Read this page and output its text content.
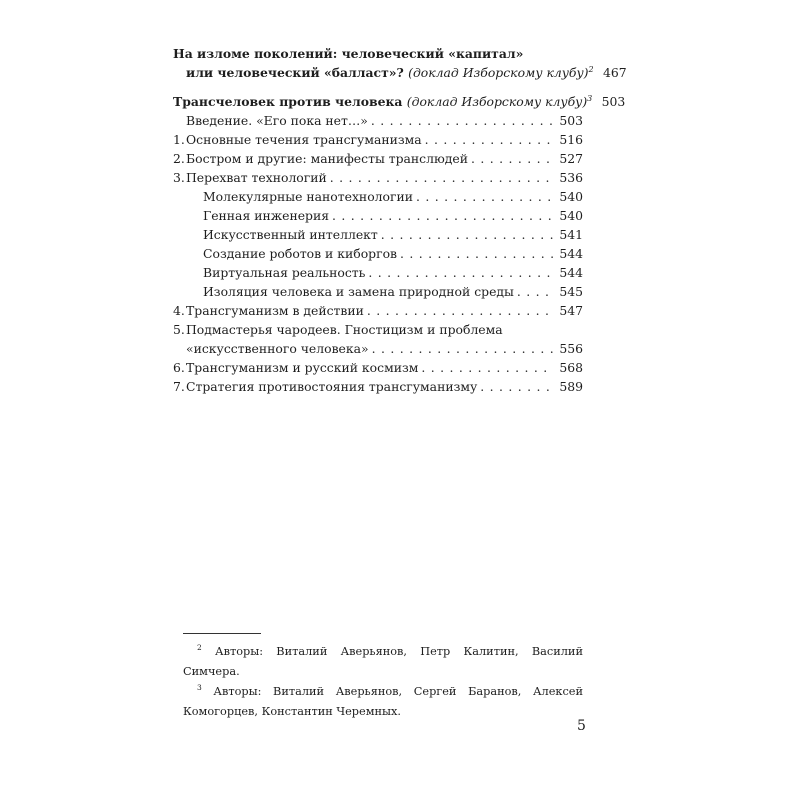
На изломе поколений: человеческий «капитал»
или человеческий «балласт»? (доклад Изборскому клубу)$^2$ 467
Трансчеловек против человека (доклад Изборскому клубу)$^3$ 503
Введение. «Его пока нет…» . . .	503
1. Основные течения трансгуманизма . . .	516
2. Бостром и другие: манифесты транслюдей . . .	527
3. Перехват технологий . . .	536
Молекулярные нанотехнологии . . .	540
Генная инженерия . . .	540
Искусственный интеллект . . .	541
Создание роботов и киборгов . . .	544
Виртуальная реальность . . .	544
Изоляция человека и замена природной среды . . .	545
4. Трансгуманизм в действии . . .	547
5. Подмастерья чародеев. Гностицизм и проблема
«искусственного человека» . . .	556
6. Трансгуманизм и русский космизм . . .	568
7. Стратегия противостояния трансгуманизму . . .	589
$^2$ Авторы: Виталий Аверьянов, Петр Калитин, Василий Симчера.
$^3$ Авторы: Виталий Аверьянов, Сергей Баранов, Алексей Комогорцев, Константин Черемных.
5
